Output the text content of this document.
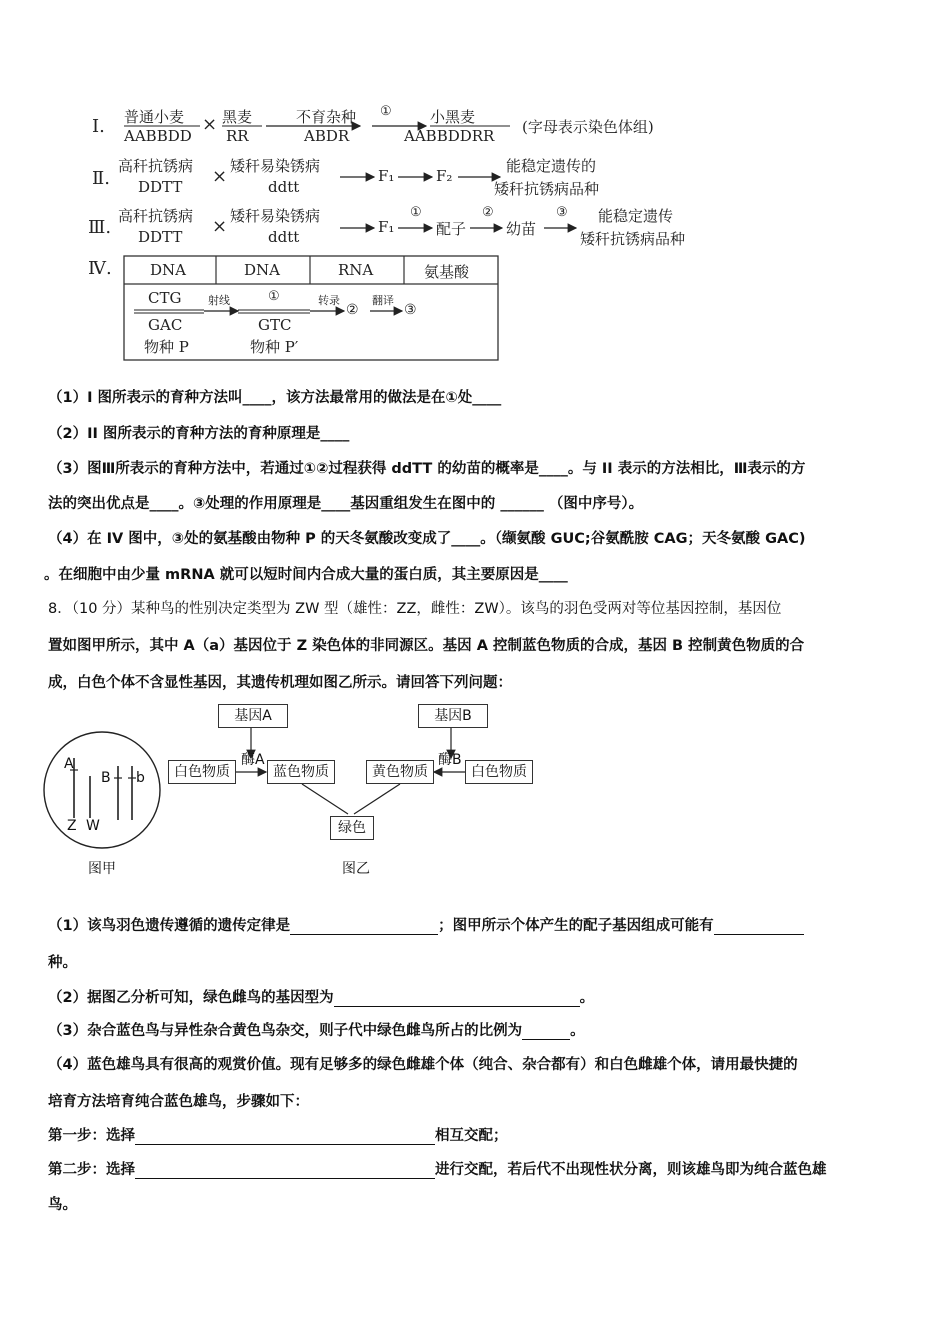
Ⅰ. 普通小麦
AABBDD
× 黑麦
RR
不育杂种
ABDR
①	小黑麦
AABBDDRR (字母表示染色体组)
Ⅱ.
高秆抗锈病
DDTT × 矮秆易染锈病
ddtt
F₁	F₂
能稳定遗传的
矮秆抗锈病品种
Ⅲ.
高秆抗锈病
DDTT × 矮秆易染锈病
ddtt
F₁
①
配子
②
幼苗
③ 能稳定遗传
矮秆抗锈病品种
Ⅳ.	DNA	DNA	RNA	氨基酸
CTG
GAC
物种 P
射线	①
GTC
物种 P′
转录
②
翻译
③
（1）I 图所表示的育种方法叫____，该方法最常用的做法是在①处____
（2）II 图所表示的育种方法的育种原理是____
（3）图Ⅲ所表示的育种方法中，若通过①②过程获得 ddTT 的幼苗的概率是____。与 II 表示的方法相比，Ⅲ表示的方
法的突出优点是____。③处理的作用原理是____基因重组发生在图中的 ______ （图中序号）。
（4）在 IV 图中，③处的氨基酸由物种 P 的天冬氨酸改变成了____。（缬氨酸 GUC;谷氨酰胺 CAG；天冬氨酸 GAC)
。在细胞中由少量 mRNA 就可以短时间内合成大量的蛋白质，其主要原因是____
8．（10 分）某种鸟的性别决定类型为 ZW 型（雄性：ZZ，雌性：ZW）。该鸟的羽色受两对等位基因控制，基因位
置如图甲所示，其中 A（a）基因位于 Z 染色体的非同源区。基因 A 控制蓝色物质的合成，基因 B 控制黄色物质的合
成，白色个体不含显性基因，其遗传机理如图乙所示。请回答下列问题：
A
B b
Z W
图甲
基因A	基因B
酶A	酶B
白色物质	蓝色物质	黄色物质	白色物质
绿色
图乙
（1）该鸟羽色遗传遵循的遗传定律是	；图甲所示个体产生的配子基因组成可能有
种。
（2）据图乙分析可知，绿色雌鸟的基因型为	。
（3）杂合蓝色鸟与异性杂合黄色鸟杂交，则子代中绿色雌鸟所占的比例为	。
（4）蓝色雄鸟具有很高的观赏价值。现有足够多的绿色雌雄个体（纯合、杂合都有）和白色雌雄个体，请用最快捷的
培育方法培育纯合蓝色雄鸟，步骤如下：
第一步：选择	相互交配；
第二步：选择	进行交配，若后代不出现性状分离，则该雄鸟即为纯合蓝色雄
鸟。
